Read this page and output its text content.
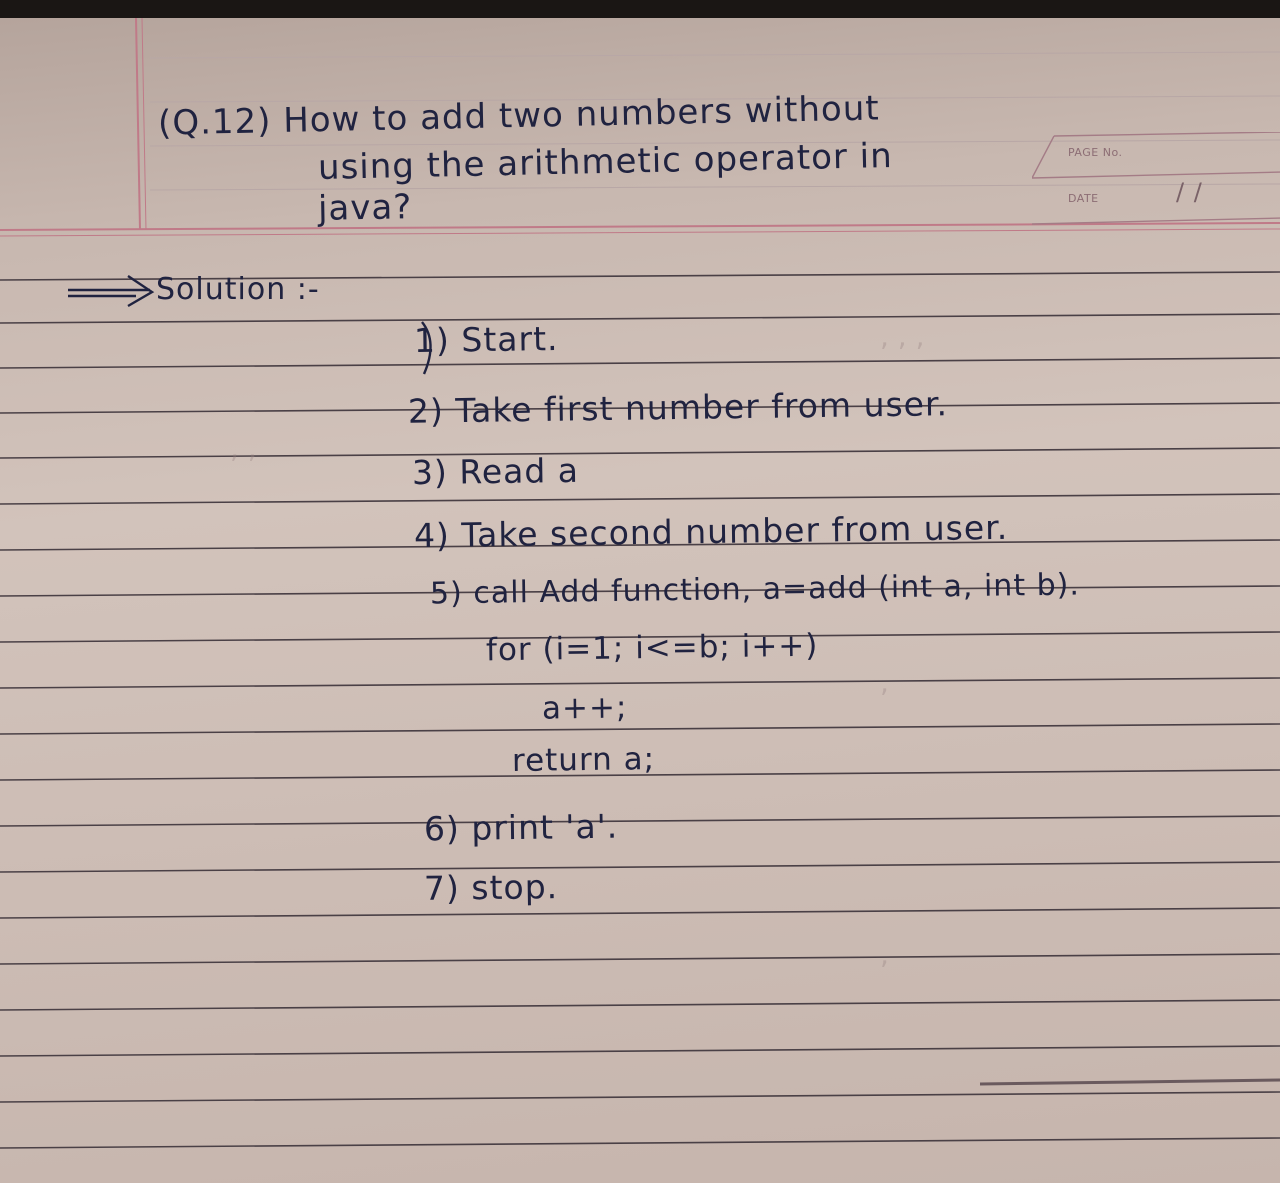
, , ,
, ,
,
,
(Q.12) How to add two numbers without
using the arithmetic operator in
java?
PAGE No.
DATE	/ /
Solution :-
1) Start.
2) Take first number from user.
3) Read a
4) Take second number from user.
5) call Add function, a=add (int a, int b).
for (i=1; i<=b; i++)
a++;
return a;
6) print 'a'.
7) stop.
